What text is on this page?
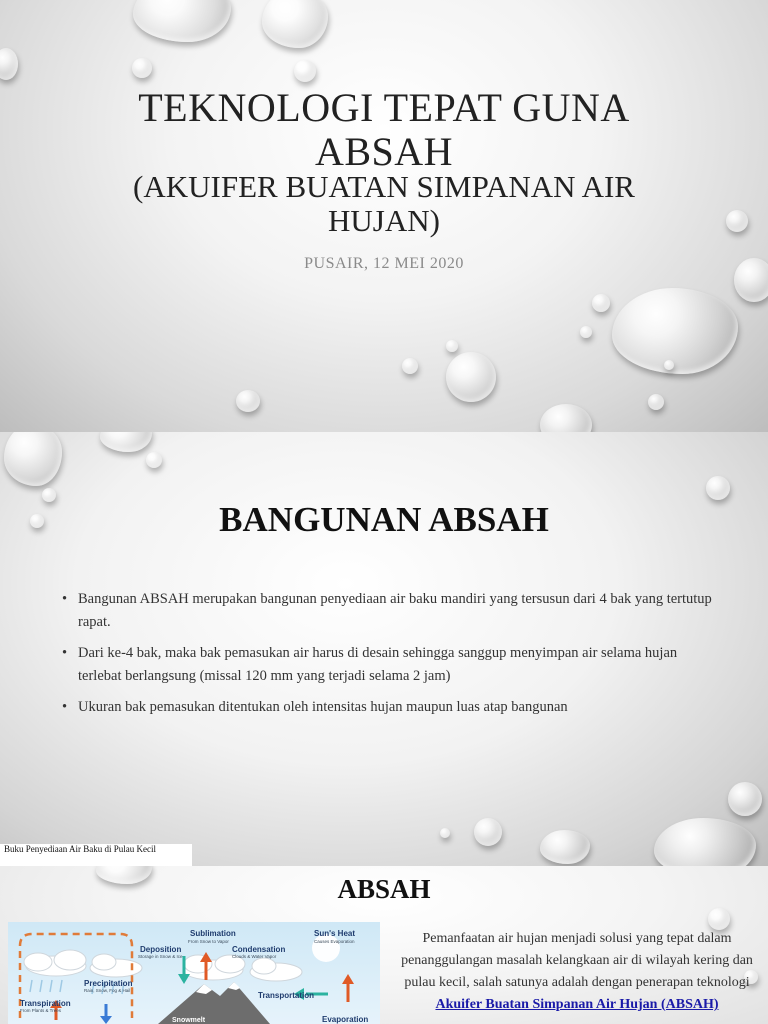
TEKNOLOGI TEPAT GUNA
ABSAH
(AKUIFER BUATAN SIMPANAN AIR
HUJAN)
PUSAIR, 12 MEI 2020
BANGUNAN ABSAH
• Bangunan ABSAH merupakan bangunan penyediaan air baku mandiri yang tersusun dari 4 bak yang tertutup rapat.
• Dari ke-4 bak, maka bak pemasukan air harus di desain sehingga sanggup menyimpan air selama hujan terlebat berlangsung (missal 120 mm yang terjadi selama 2 jam)
• Ukuran bak pemasukan ditentukan oleh intensitas hujan maupun luas atap bangunan
Buku Penyediaan Air Baku di Pulau Kecil
ABSAH
Sublimation
From Snow to Vapor
Sun's Heat
Causes Evaporation
Deposition
Storage in Snow & Ice
Condensation
Clouds & Water Vapor
Precipitation
Rain, Snow, Fog & Hail
Transportation
Transpiration
From Plants & Trees
Snowmelt	Evaporation
Pemanfaatan air hujan menjadi solusi yang tepat dalam penanggulangan masalah kelangkaan air di wilayah kering dan pulau kecil, salah satunya adalah dengan penerapan teknologi
Akuifer Buatan Simpanan Air Hujan (ABSAH)
